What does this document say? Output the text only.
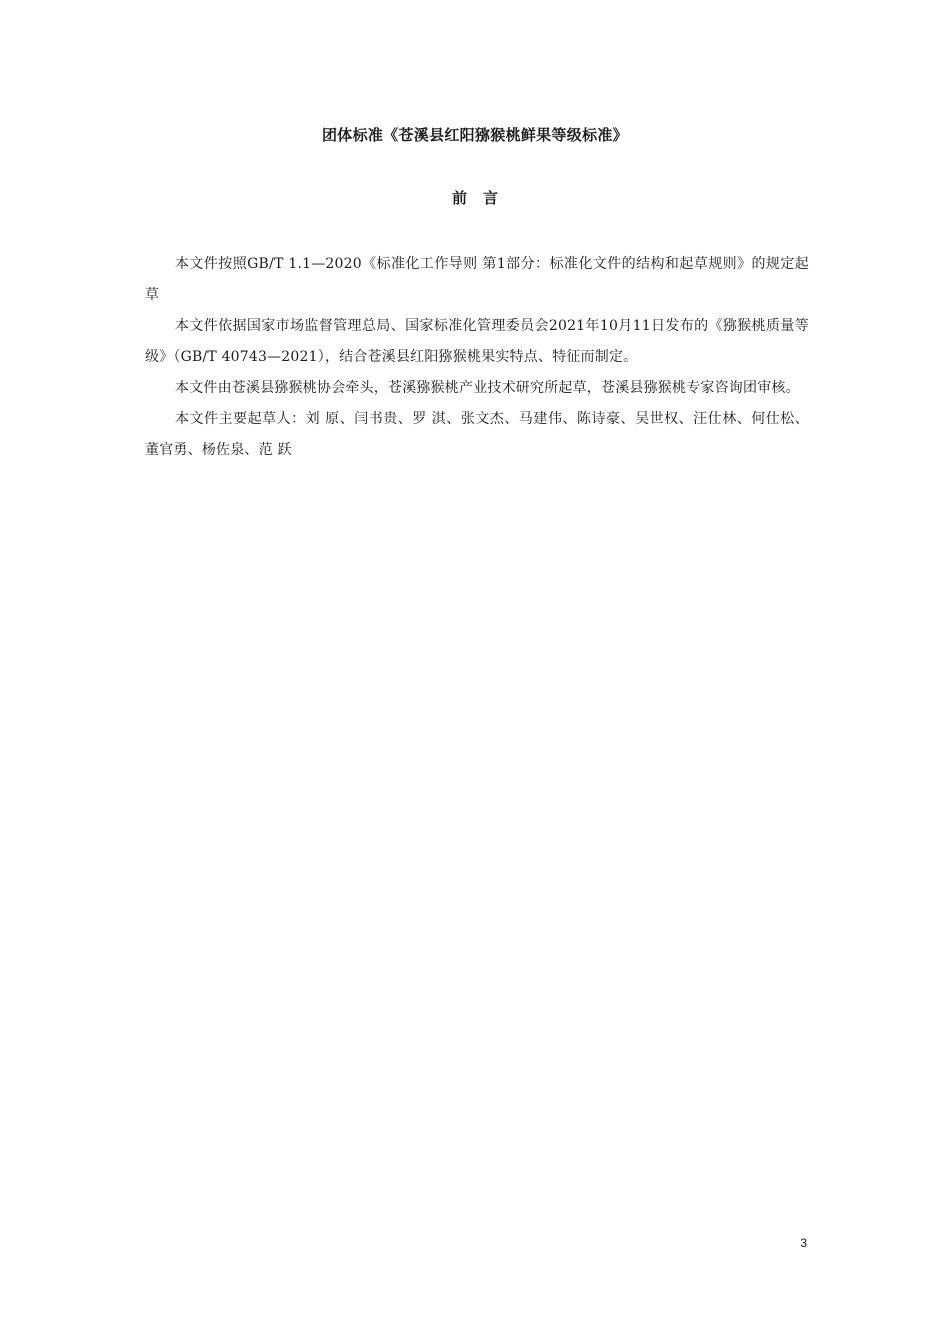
团体标准《苍溪县红阳猕猴桃鲜果等级标准》
前言

本文件按照GB/T 1.1—2020《标准化工作导则 第1部分：标准化文件的结构和起草规则》的规定起草

本文件依据国家市场监督管理总局、国家标准化管理委员会2021年10月11日发布的《猕猴桃质量等级》（GB/T 40743—2021），结合苍溪县红阳猕猴桃果实特点、特征而制定。

本文件由苍溪县猕猴桃协会牵头，苍溪猕猴桃产业技术研究所起草，苍溪县猕猴桃专家咨询团审核。

本文件主要起草人：刘 原、闫书贵、罗 淇、张文杰、马建伟、陈诗豪、吴世权、汪仕林、何仕松、董官勇、杨佐泉、范 跃

3
